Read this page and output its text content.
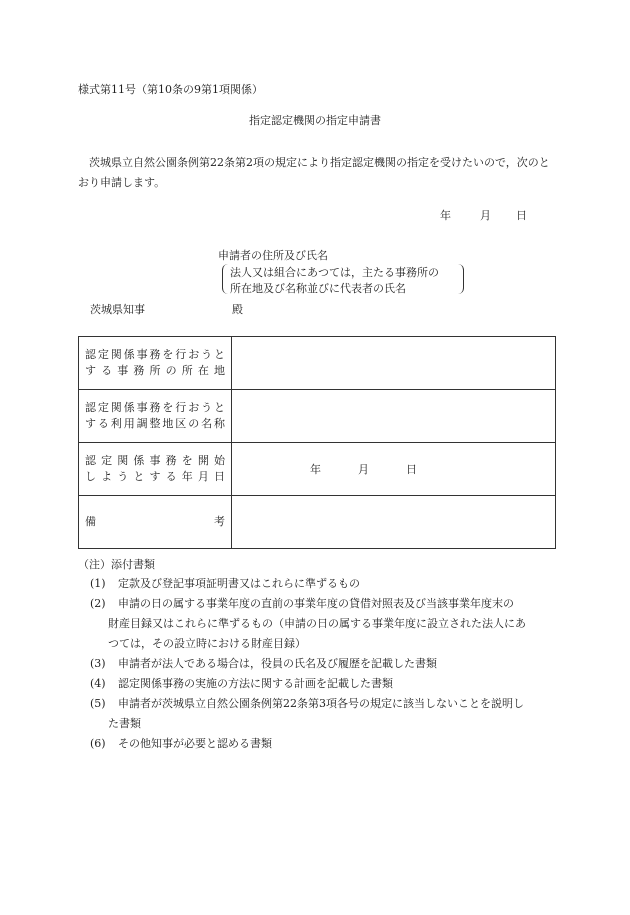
様式第11号（第10条の9第1項関係）
指定認定機関の指定申請書
茨城県立自然公園条例第22条第2項の規定により指定認定機関の指定を受けたいので，次のとおり申請します。
年	月 日
申請者の住所及び氏名
法人又は組合にあつては，主たる事務所の
所在地及び名称並びに代表者の氏名
茨城県知事	殿
認定関係事務を行おうと
する事務所の所在地	

認定関係事務を行おうと
する利用調整地区の名称	

認定関係事務を開始
しようとする年月日	年 月 日

備 考	

（注）添付書類
(1) 定款及び登記事項証明書又はこれらに準ずるもの
(2) 申請の日の属する事業年度の直前の事業年度の貸借対照表及び当該事業年度末の
財産目録又はこれらに準ずるもの（申請の日の属する事業年度に設立された法人にあ
つては，その設立時における財産目録）
(3) 申請者が法人である場合は，役員の氏名及び履歴を記載した書類
(4) 認定関係事務の実施の方法に関する計画を記載した書類
(5) 申請者が茨城県立自然公園条例第22条第3項各号の規定に該当しないことを説明し
た書類
(6) その他知事が必要と認める書類
